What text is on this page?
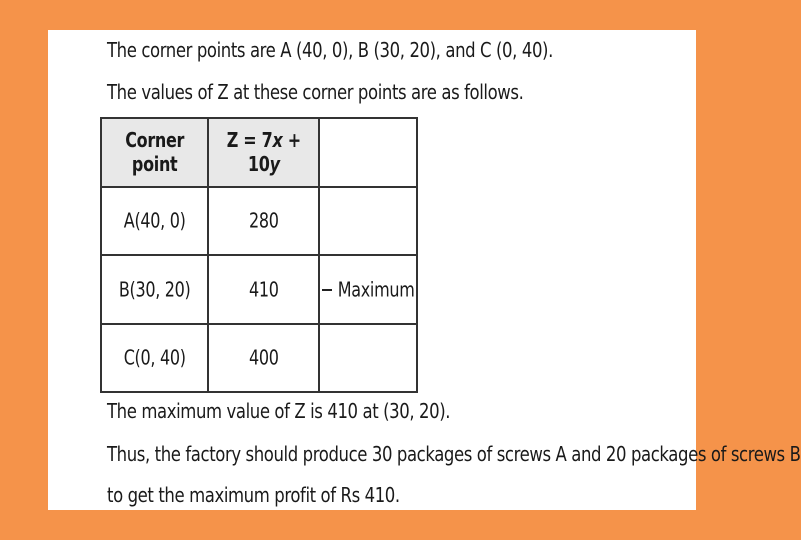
The corner points are A (40, 0), B (30, 20), and C (0, 40).
The values of Z at these corner points are as follows.
Corner point	Z = 7x + 10y	
A(40, 0)	280	
B(30, 20)	410	Maximum
C(0, 40)	400	
The maximum value of Z is 410 at (30, 20).
Thus, the factory should produce 30 packages of screws A and 20 packages of screws B
to get the maximum profit of Rs 410.
